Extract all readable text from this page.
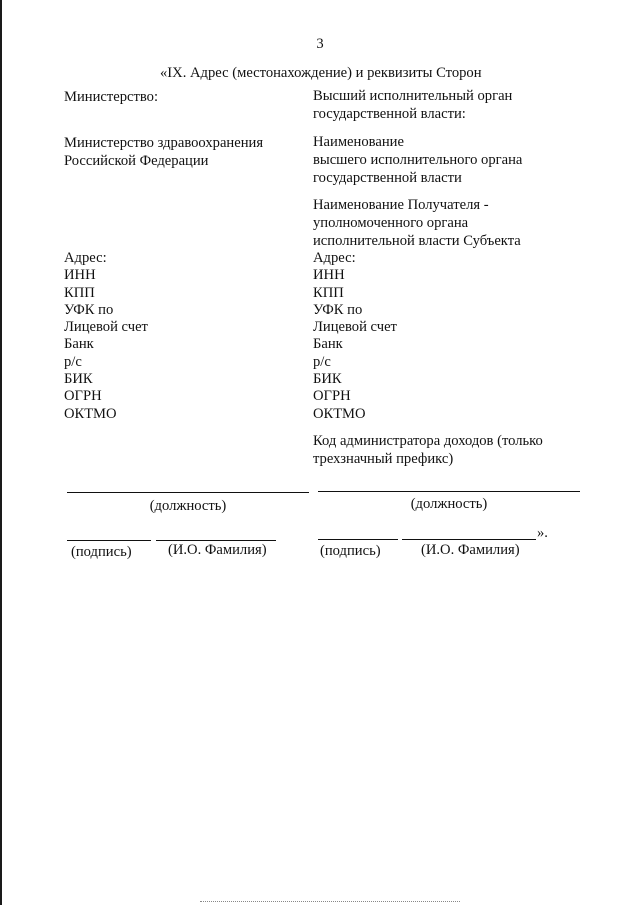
3
«IX. Адрес (местонахождение) и реквизиты Сторон
Министерство:
Министерство здравоохранения
Российской Федерации
Адрес:
ИНН
КПП
УФК по
Лицевой счет
Банк
р/с
БИК
ОГРН
ОКТМО
Высший исполнительный орган
государственной власти:
Наименование
высшего исполнительного органа
государственной власти
Наименование Получателя -
уполномоченного органа
исполнительной власти Субъекта
Адрес:
ИНН
КПП
УФК по
Лицевой счет
Банк
р/с
БИК
ОГРН
ОКТМО
Код администратора доходов (только
трехзначный префикс)
(должность)
(подпись) (И.О. Фамилия)
(должность)
».
(подпись)	(И.О. Фамилия)
